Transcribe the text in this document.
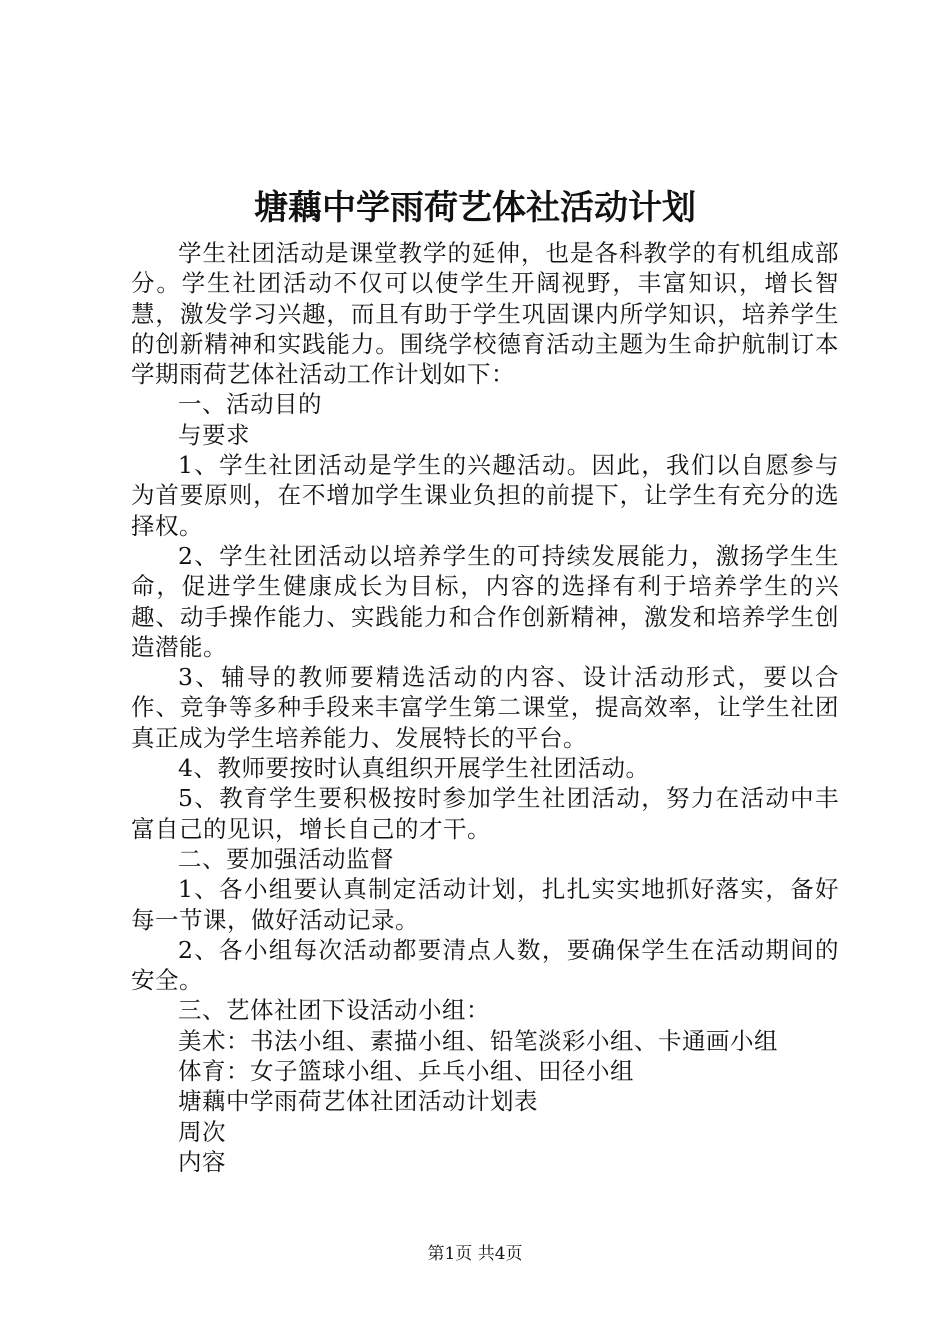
塘藕中学雨荷艺体社活动计划

学生社团活动是课堂教学的延伸，也是各科教学的有机组成部分。学生社团活动不仅可以使学生开阔视野，丰富知识，增长智慧，激发学习兴趣，而且有助于学生巩固课内所学知识，培养学生的创新精神和实践能力。围绕学校德育活动主题为生命护航制订本学期雨荷艺体社活动工作计划如下：

一、活动目的

与要求

1、学生社团活动是学生的兴趣活动。因此，我们以自愿参与为首要原则，在不增加学生课业负担的前提下，让学生有充分的选择权。

2、学生社团活动以培养学生的可持续发展能力，激扬学生生命，促进学生健康成长为目标，内容的选择有利于培养学生的兴趣、动手操作能力、实践能力和合作创新精神，激发和培养学生创造潜能。

3、辅导的教师要精选活动的内容、设计活动形式，要以合作、竞争等多种手段来丰富学生第二课堂，提高效率，让学生社团真正成为学生培养能力、发展特长的平台。

4、教师要按时认真组织开展学生社团活动。

5、教育学生要积极按时参加学生社团活动，努力在活动中丰富自己的见识，增长自己的才干。

二、要加强活动监督

1、各小组要认真制定活动计划，扎扎实实地抓好落实，备好每一节课，做好活动记录。

2、各小组每次活动都要清点人数，要确保学生在活动期间的安全。

三、艺体社团下设活动小组：

美术：书法小组、素描小组、铅笔淡彩小组、卡通画小组

体育：女子篮球小组、乒乓小组、田径小组

塘藕中学雨荷艺体社团活动计划表

周次

内容

第1页 共4页
